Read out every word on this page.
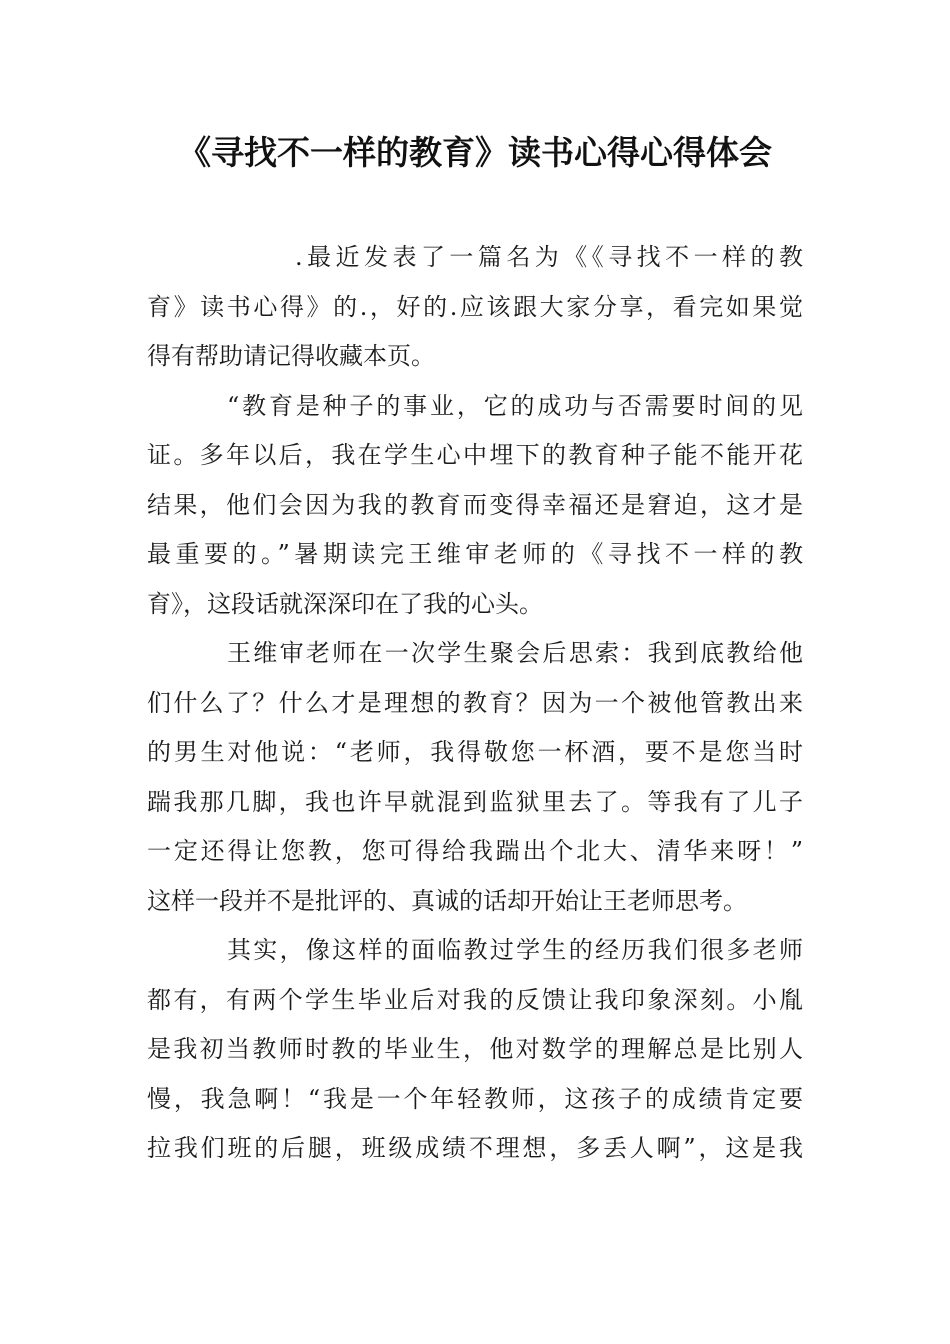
《寻找不一样的教育》读书心得心得体会
.最近发表了一篇名为《《寻找不一样的教
育》读书心得》的.，好的.应该跟大家分享，看完如果觉
得有帮助请记得收藏本页。
“教育是种子的事业，它的成功与否需要时间的见
证。多年以后，我在学生心中埋下的教育种子能不能开花
结果，他们会因为我的教育而变得幸福还是窘迫，这才是
最重要的。”暑期读完王维审老师的《寻找不一样的教
育》，这段话就深深印在了我的心头。
王维审老师在一次学生聚会后思索：我到底教给他
们什么了？什么才是理想的教育？因为一个被他管教出来
的男生对他说：“老师，我得敬您一杯酒，要不是您当时
踹我那几脚，我也许早就混到监狱里去了。等我有了儿子
一定还得让您教，您可得给我踹出个北大、清华来呀！”
这样一段并不是批评的、真诚的话却开始让王老师思考。
其实，像这样的面临教过学生的经历我们很多老师
都有，有两个学生毕业后对我的反馈让我印象深刻。小胤
是我初当教师时教的毕业生，他对数学的理解总是比别人
慢，我急啊！“我是一个年轻教师，这孩子的成绩肯定要
拉我们班的后腿，班级成绩不理想，多丢人啊”，这是我
